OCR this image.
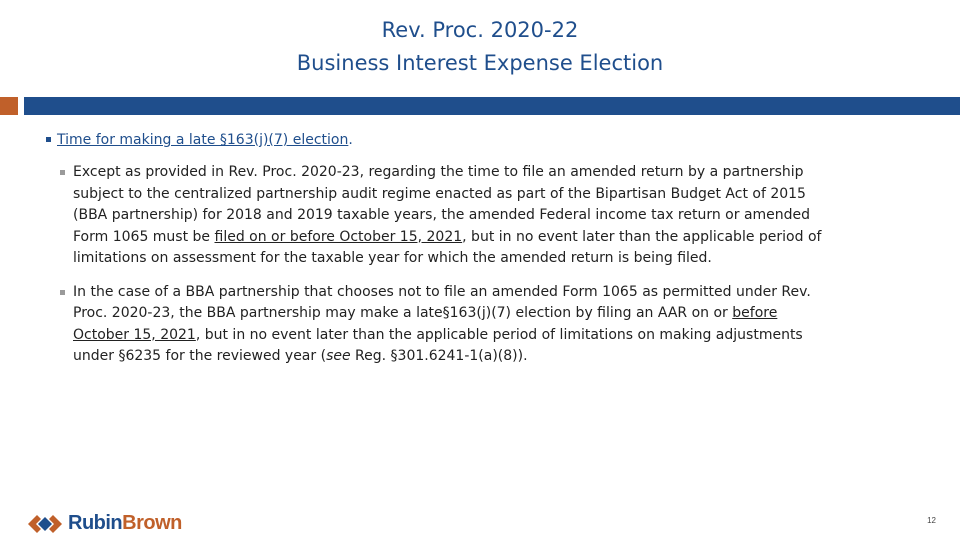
Rev. Proc. 2020-22
Business Interest Expense Election
Time for making a late §163(j)(7) election.
Except as provided in Rev. Proc. 2020-23, regarding the time to file an amended return by a partnership subject to the centralized partnership audit regime enacted as part of the Bipartisan Budget Act of 2015 (BBA partnership) for 2018 and 2019 taxable years, the amended Federal income tax return or amended Form 1065 must be filed on or before October 15, 2021, but in no event later than the applicable period of limitations on assessment for the taxable year for which the amended return is being filed.
In the case of a BBA partnership that chooses not to file an amended Form 1065 as permitted under Rev. Proc. 2020-23, the BBA partnership may make a late§163(j)(7) election by filing an AAR on or before October 15, 2021, but in no event later than the applicable period of limitations on making adjustments under §6235 for the reviewed year (see Reg. §301.6241-1(a)(8)).
RubinBrown	12
